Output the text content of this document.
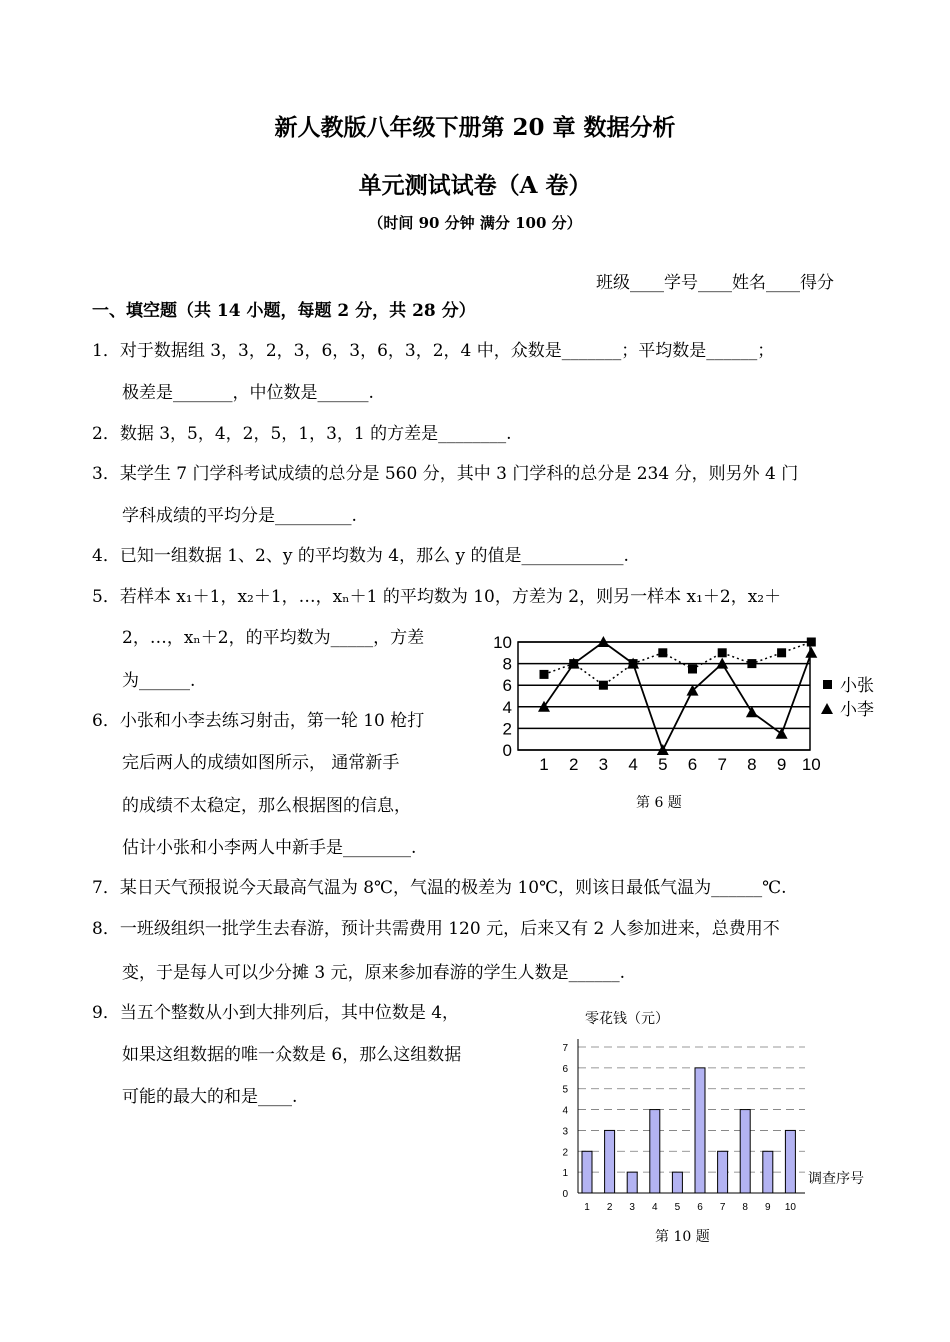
新人教版八年级下册第 20 章 数据分析
单元测试试卷（A 卷）
（时间 90 分钟 满分 100 分）
班级____学号____姓名____得分
一、填空题（共 14 小题，每题 2 分，共 28 分）
1．对于数据组 3，3，2，3，6，3，6，3，2，4 中，众数是_______；平均数是______；
极差是_______，中位数是______.
2．数据 3，5，4，2，5，1，3，1 的方差是________.
3．某学生 7 门学科考试成绩的总分是 560 分，其中 3 门学科的总分是 234 分，则另外 4 门
学科成绩的平均分是_________.
4．已知一组数据 1、2、y 的平均数为 4，那么 y 的值是____________.
5．若样本 x₁＋1，x₂＋1，…，xₙ＋1 的平均数为 10，方差为 2，则另一样本 x₁＋2，x₂＋
2，…，xₙ＋2，的平均数为_____，方差
为______.
6．小张和小李去练习射击，第一轮 10 枪打
完后两人的成绩如图所示， 通常新手
的成绩不太稳定，那么根据图的信息，
估计小张和小李两人中新手是________.
7．某日天气预报说今天最高气温为 8℃，气温的极差为 10℃，则该日最低气温为______℃.
8．一班级组织一批学生去春游，预计共需费用 120 元，后来又有 2 人参加进来，总费用不
变，于是每人可以少分摊 3 元，原来参加春游的学生人数是______.
9．当五个整数从小到大排列后，其中位数是 4，
如果这组数据的唯一众数是 6，那么这组数据
可能的最大的和是____.
0
2
4
6
8
10
1 2 3 4 5 6 7 8 9 10
小张
小李
第 6 题
0
1
2
3
4
5
6
7
1 2 3 4 5 6 7 8 9 10
零花钱（元）
调查序号
第 10 题
